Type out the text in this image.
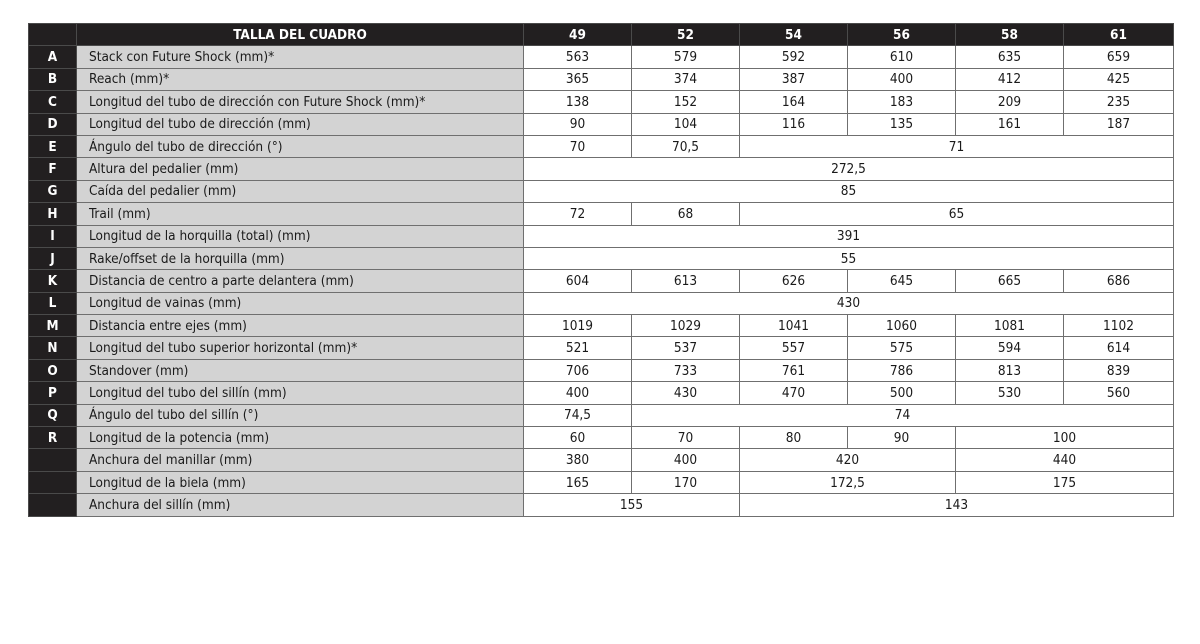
	TALLA DEL CUADRO	49	52	54	56	58	61
A	Stack con Future Shock (mm)*	563	579	592	610	635	659
B	Reach (mm)*	365	374	387	400	412	425
C	Longitud del tubo de dirección con Future Shock (mm)*	138	152	164	183	209	235
D	Longitud del tubo de dirección (mm)	90	104	116	135	161	187
E	Ángulo del tubo de dirección (°)	70	70,5	71			
F	Altura del pedalier (mm)	272,5					
G	Caída del pedalier (mm)	85					
H	Trail (mm)	72	68	65			
I	Longitud de la horquilla (total) (mm)	391					
J	Rake/offset de la horquilla (mm)	55					
K	Distancia de centro a parte delantera (mm)	604	613	626	645	665	686
L	Longitud de vainas (mm)	430					
M	Distancia entre ejes (mm)	1019	1029	1041	1060	1081	1102
N	Longitud del tubo superior horizontal (mm)*	521	537	557	575	594	614
O	Standover (mm)	706	733	761	786	813	839
P	Longitud del tubo del sillín (mm)	400	430	470	500	530	560
Q	Ángulo del tubo del sillín (°)	74,5	74				
R	Longitud de la potencia (mm)	60	70	80	90	100	
	Anchura del manillar (mm)	380	400	420		440	
	Longitud de la biela (mm)	165	170	172,5		175	
	Anchura del sillín (mm)	155		143			
